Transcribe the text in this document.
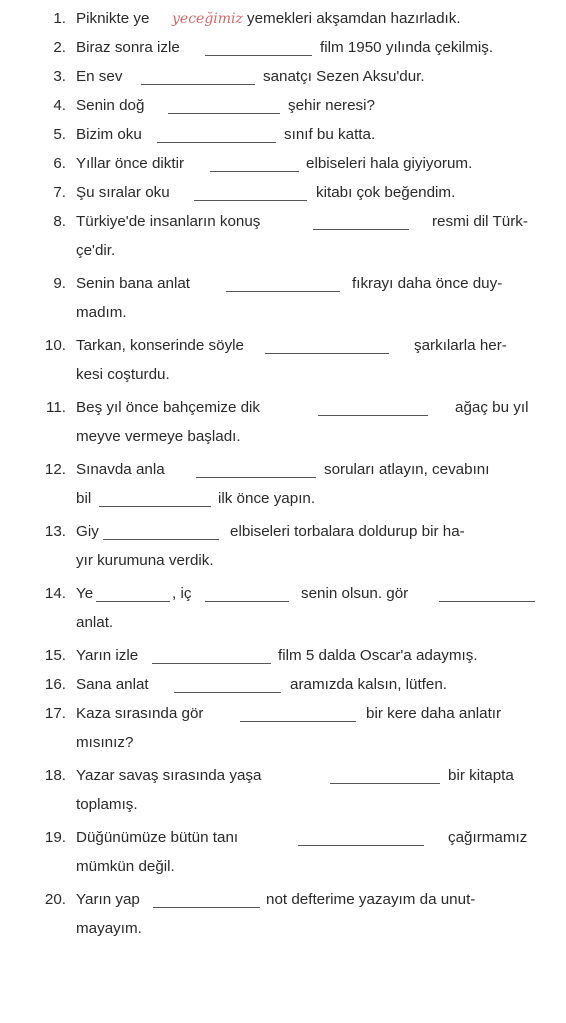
1. Piknikte ye yeceğimiz yemekleri akşamdan hazırladık.
2. Biraz sonra izle	film 1950 yılında çekilmiş.
3. En sev	sanatçı Sezen Aksu'dur.
4. Senin doğ	şehir neresi?
5. Bizim oku	sınıf bu katta.
6. Yıllar önce diktir	elbiseleri hala giyiyorum.
7. Şu sıralar oku	kitabı çok beğendim.
8. Türkiye'de insanların konuş	resmi dil Türk-
çe'dir.
9. Senin bana anlat	fıkrayı daha önce duy-
madım.
10. Tarkan, konserinde söyle	şarkılarla her-
kesi coşturdu.
11. Beş yıl önce bahçemize dik	ağaç bu yıl
meyve vermeye başladı.
12. Sınavda anla	soruları atlayın, cevabını
bil	ilk önce yapın.
13. Giy	elbiseleri torbalara doldurup bir ha-
yır kurumuna verdik.
14. Ye	, iç	senin olsun. gör
anlat.
15. Yarın izle	film 5 dalda Oscar'a adaymış.
16. Sana anlat	aramızda kalsın, lütfen.
17. Kaza sırasında gör	bir kere daha anlatır
mısınız?
18. Yazar savaş sırasında yaşa	bir kitapta
toplamış.
19. Düğünümüze bütün tanı	çağırmamız
mümkün değil.
20. Yarın yap	not defterime yazayım da unut-
mayayım.
